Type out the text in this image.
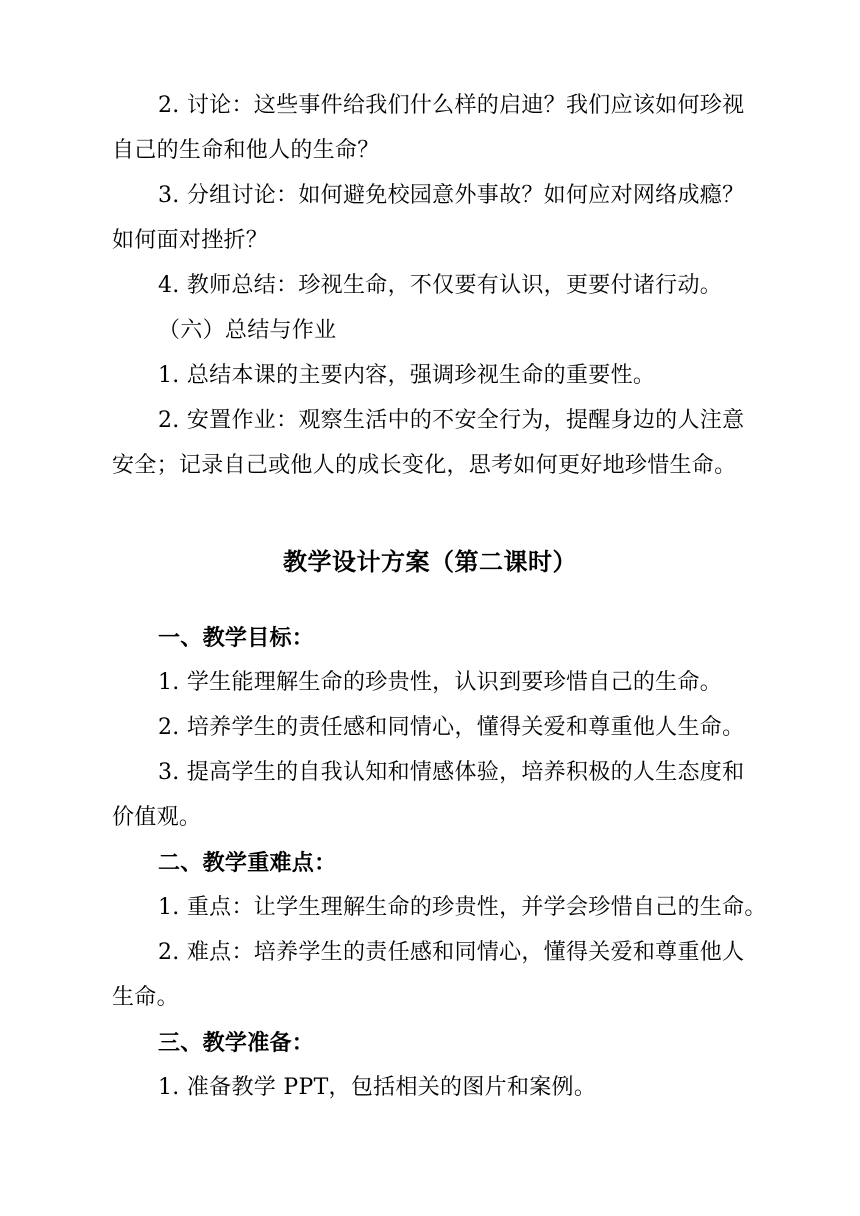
2. 讨论：这些事件给我们什么样的启迪？我们应该如何珍视
自己的生命和他人的生命？
3. 分组讨论：如何避免校园意外事故？如何应对网络成瘾？
如何面对挫折？
4. 教师总结：珍视生命，不仅要有认识，更要付诸行动。
（六）总结与作业
1. 总结本课的主要内容，强调珍视生命的重要性。
2. 安置作业：观察生活中的不安全行为，提醒身边的人注意
安全；记录自己或他人的成长变化，思考如何更好地珍惜生命。
教学设计方案（第二课时）
一、教学目标：
1. 学生能理解生命的珍贵性，认识到要珍惜自己的生命。
2. 培养学生的责任感和同情心，懂得关爱和尊重他人生命。
3. 提高学生的自我认知和情感体验，培养积极的人生态度和
价值观。
二、教学重难点：
1. 重点：让学生理解生命的珍贵性，并学会珍惜自己的生命。
2. 难点：培养学生的责任感和同情心，懂得关爱和尊重他人
生命。
三、教学准备：
1. 准备教学 PPT，包括相关的图片和案例。
